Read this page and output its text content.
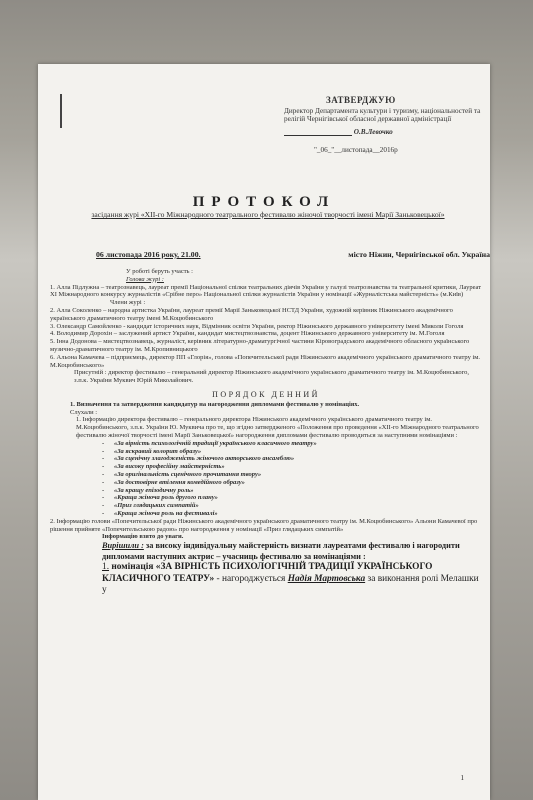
ЗАТВЕРДЖУЮ
Директор Департамента культури і туризму, національностей та релігій Чернігівської обласної державної адміністрації
О.В.Левочко
"_06_"__листопада__2016р
ПРОТОКОЛ
засідання журі «ХІІ-го Міжнародного театрального фестивалю жіночої творчості імені Марії Заньковецької»
06 листопада 2016 року, 21.00.	місто Ніжин, Чернігівської обл. Україна

У роботі беруть участь :

Голова журі :

1. Алла Підлужна – театрознавець, лауреат премії Національної спілки театральних діячів України у галузі театрознавства та театральної критики, Лауреат ХІ Міжнародного конкурсу журналістів «Срібне перо» Національної спілки журналістів України у номінації «Журналістська майстерність» (м.Київ)

Члени журі :

2. Алла Соколенко – народна артистка України, лауреат премії Марії Заньковецької НСТД України, художній керівник Ніжинського академічного українського драматичного театру імені М.Коцюбинського

3. Олександр Самойленко - кандидат історичних наук, Відмінник освіти України, ректор Ніжинського державного університету імені Миколи Гоголя

4. Володимир Дорохін – заслужений артист України, кандидат мистецтвознавства, доцент Ніжинського державного університету ім. М.Гоголя

5. Інна Додонова – мистецтвознавець, журналіст, керівник літературно-драматургічної частини Кіровоградського академічного обласного українського музично-драматичного театру ім. М.Кропивницького

6. Альона Камачева – підприємець, директор ПП «Глорія», голова «Попечительської ради Ніжинського академічного українського драматичного театру ім. М.Коцюбинського»

Присутній : директор фестивалю – генеральний директор Ніжинського академічного українського драматичного театру ім. М.Коцюбинського, з.п.к. України Муквич Юрій Миколайович.

ПОРЯДОК ДЕННИЙ

1. Визначення та затвердження кандидатур на нагородження дипломами фестивалю у номінаціях.

Слухали :

1. Інформацію директора фестивалю – генерального директора Ніжинського академічного українського драматичного театру ім. М.Коцюбинського, з.п.к. України Ю. Муквича про те, що згідно затвердженого «Положення про проведення «ХІІ-го Міжнародного театрального фестивалю жіночої творчості імені Марії Заньковецької» нагородження дипломами фестивалю проводиться за наступними номінаціями :

- «За вірність психологічній традиції українського класичного театру»
- «За яскравий колорит образу»
- «За сценічну злагодженість жіночого акторського ансамблю»
- «За високу професійну майстерність»
- «За оригінальність сценічного прочитання твору»
- «За достовірне втілення комедійного образу»
- «За кращу епізодичну роль»
- «Краща жіноча роль другого плану»
- «Приз глядацьких симпатій»
- «Краща жіноча роль на фестивалі»

2. Інформацію голови «Попечительської ради Ніжинського академічного українського драматичного театру ім. М.Коцюбинського» Альони Камачевої про рішення прийняте «Попечительською радою» про нагородження у номінації «Приз глядацьких симпатій»

Інформацію взято до уваги.

Вирішили : за високу індивідуальну майстерність визнати лауреатами фестивалю і нагородити дипломами наступних актрис – учасниць фестивалю за номінаціями :

1. номінація «ЗА ВІРНІСТЬ ПСИХОЛОГІЧНІЙ ТРАДИЦІЇ УКРАЇНСЬКОГО КЛАСИЧНОГО ТЕАТРУ» - нагороджується Надія Мартовська за виконання ролі Мелашки у

1
